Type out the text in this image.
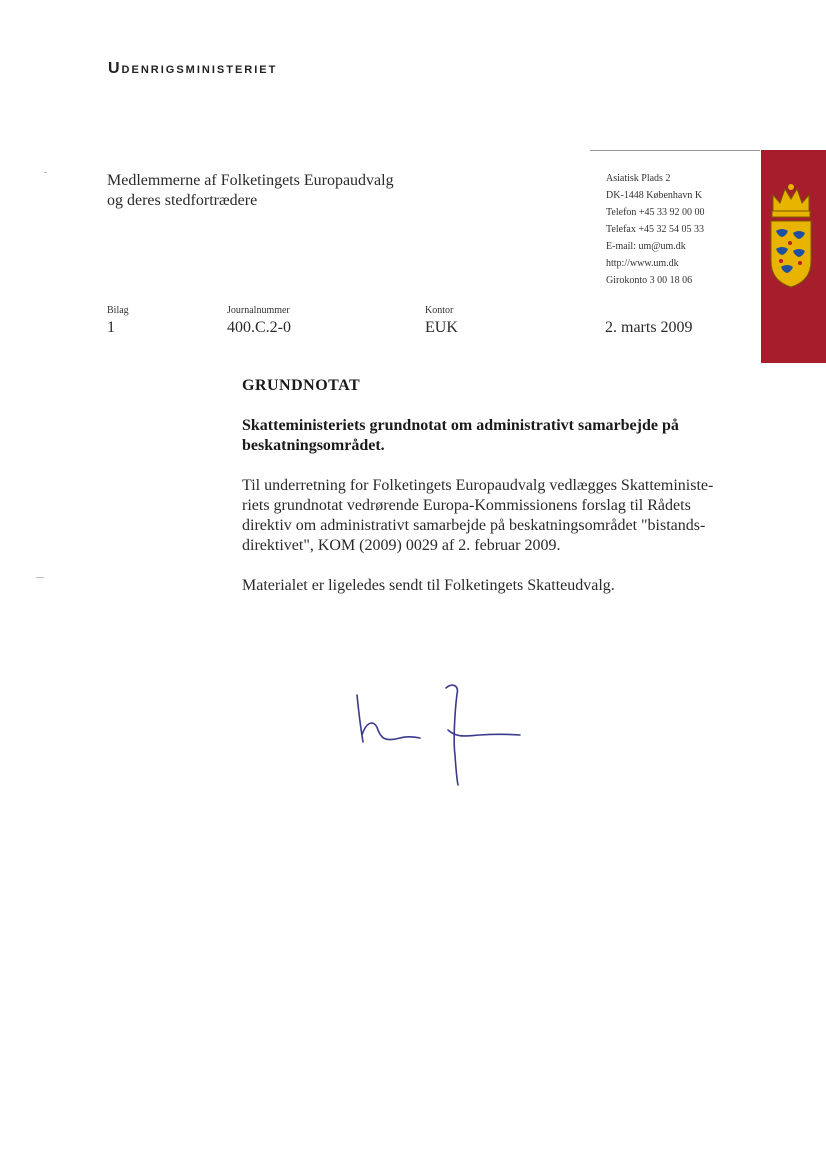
Udenrigsministeriet
Medlemmerne af Folketingets Europaudvalg
og deres stedfortrædere
Asiatisk Plads 2
DK-1448 København K
Telefon +45 33 92 00 00
Telefax +45 32 54 05 33
E-mail: um@um.dk
http://www.um.dk
Girokonto 3 00 18 06
Bilag
1
Journalnummer
400.C.2-0
Kontor
EUK	2. marts 2009
GRUNDNOTAT
Skatteministeriets grundnotat om administrativt samarbejde på
beskatningsområdet.
Til underretning for Folketingets Europaudvalg vedlægges Skatteministe-
riets grundnotat vedrørende Europa-Kommissionens forslag til Rådets
direktiv om administrativt samarbejde på beskatningsområdet "bistands-
direktivet", KOM (2009) 0029 af 2. februar 2009.
Materialet er ligeledes sendt til Folketingets Skatteudvalg.
